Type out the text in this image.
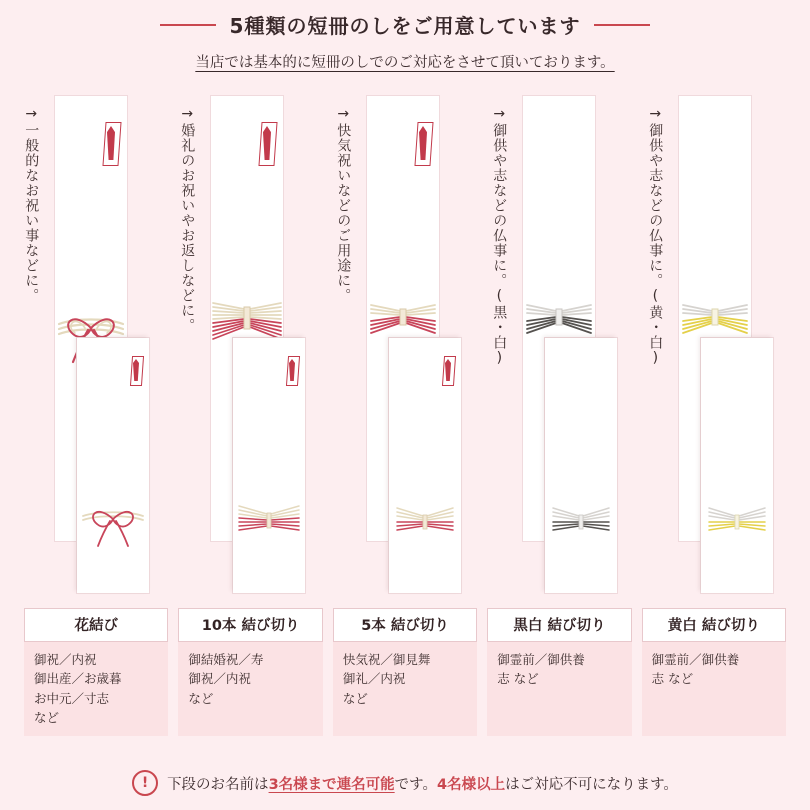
5種類の短冊のしをご用意しています
当店では基本的に短冊のしでのご対応をさせて頂いております。
→一般的なお祝い事などに。	→婚礼のお祝いやお返しなどに。	→快気祝いなどのご用途に。	→御供や志などの仏事に。(黒・白)	→御供や志などの仏事に。(黄・白)
花結び
御祝／内祝
御出産／お歳暮
お中元／寸志
など
10本 結び切り
御結婚祝／寿
御祝／内祝
など
5本 結び切り
快気祝／御見舞
御礼／内祝
など
黒白 結び切り
御霊前／御供養
志 など
黄白 結び切り
御霊前／御供養
志 など
!	下段のお名前は3名様まで連名可能です。4名様以上はご対応不可になります。
